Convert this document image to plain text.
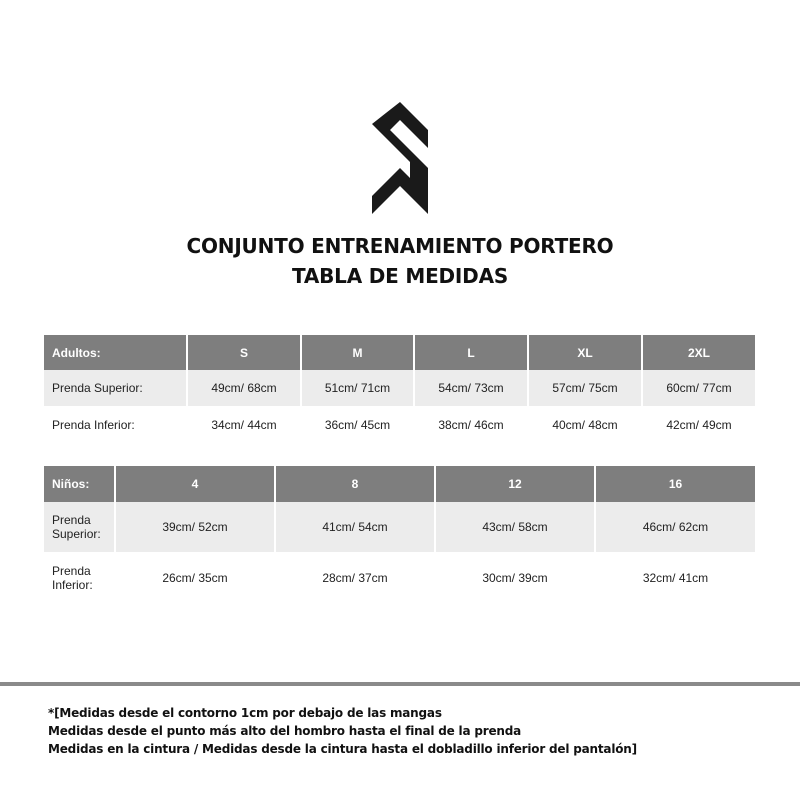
CONJUNTO ENTRENAMIENTO PORTERO
TABLA DE MEDIDAS
Adultos:	S	M	L	XL	2XL
Prenda Superior:	49cm/ 68cm	51cm/ 71cm	54cm/ 73cm	57cm/ 75cm	60cm/ 77cm
Prenda Inferior:	34cm/ 44cm	36cm/ 45cm	38cm/ 46cm	40cm/ 48cm	42cm/ 49cm
Niños:	4	8	12	16

Prenda
Superior:	39cm/ 52cm	41cm/ 54cm	43cm/ 58cm	46cm/ 62cm

Prenda
Inferior:	26cm/ 35cm	28cm/ 37cm	30cm/ 39cm	32cm/ 41cm
*[Medidas desde el contorno 1cm por debajo de las mangas
Medidas desde el punto más alto del hombro hasta el final de la prenda
Medidas en la cintura / Medidas desde la cintura hasta el dobladillo inferior del pantalón]
